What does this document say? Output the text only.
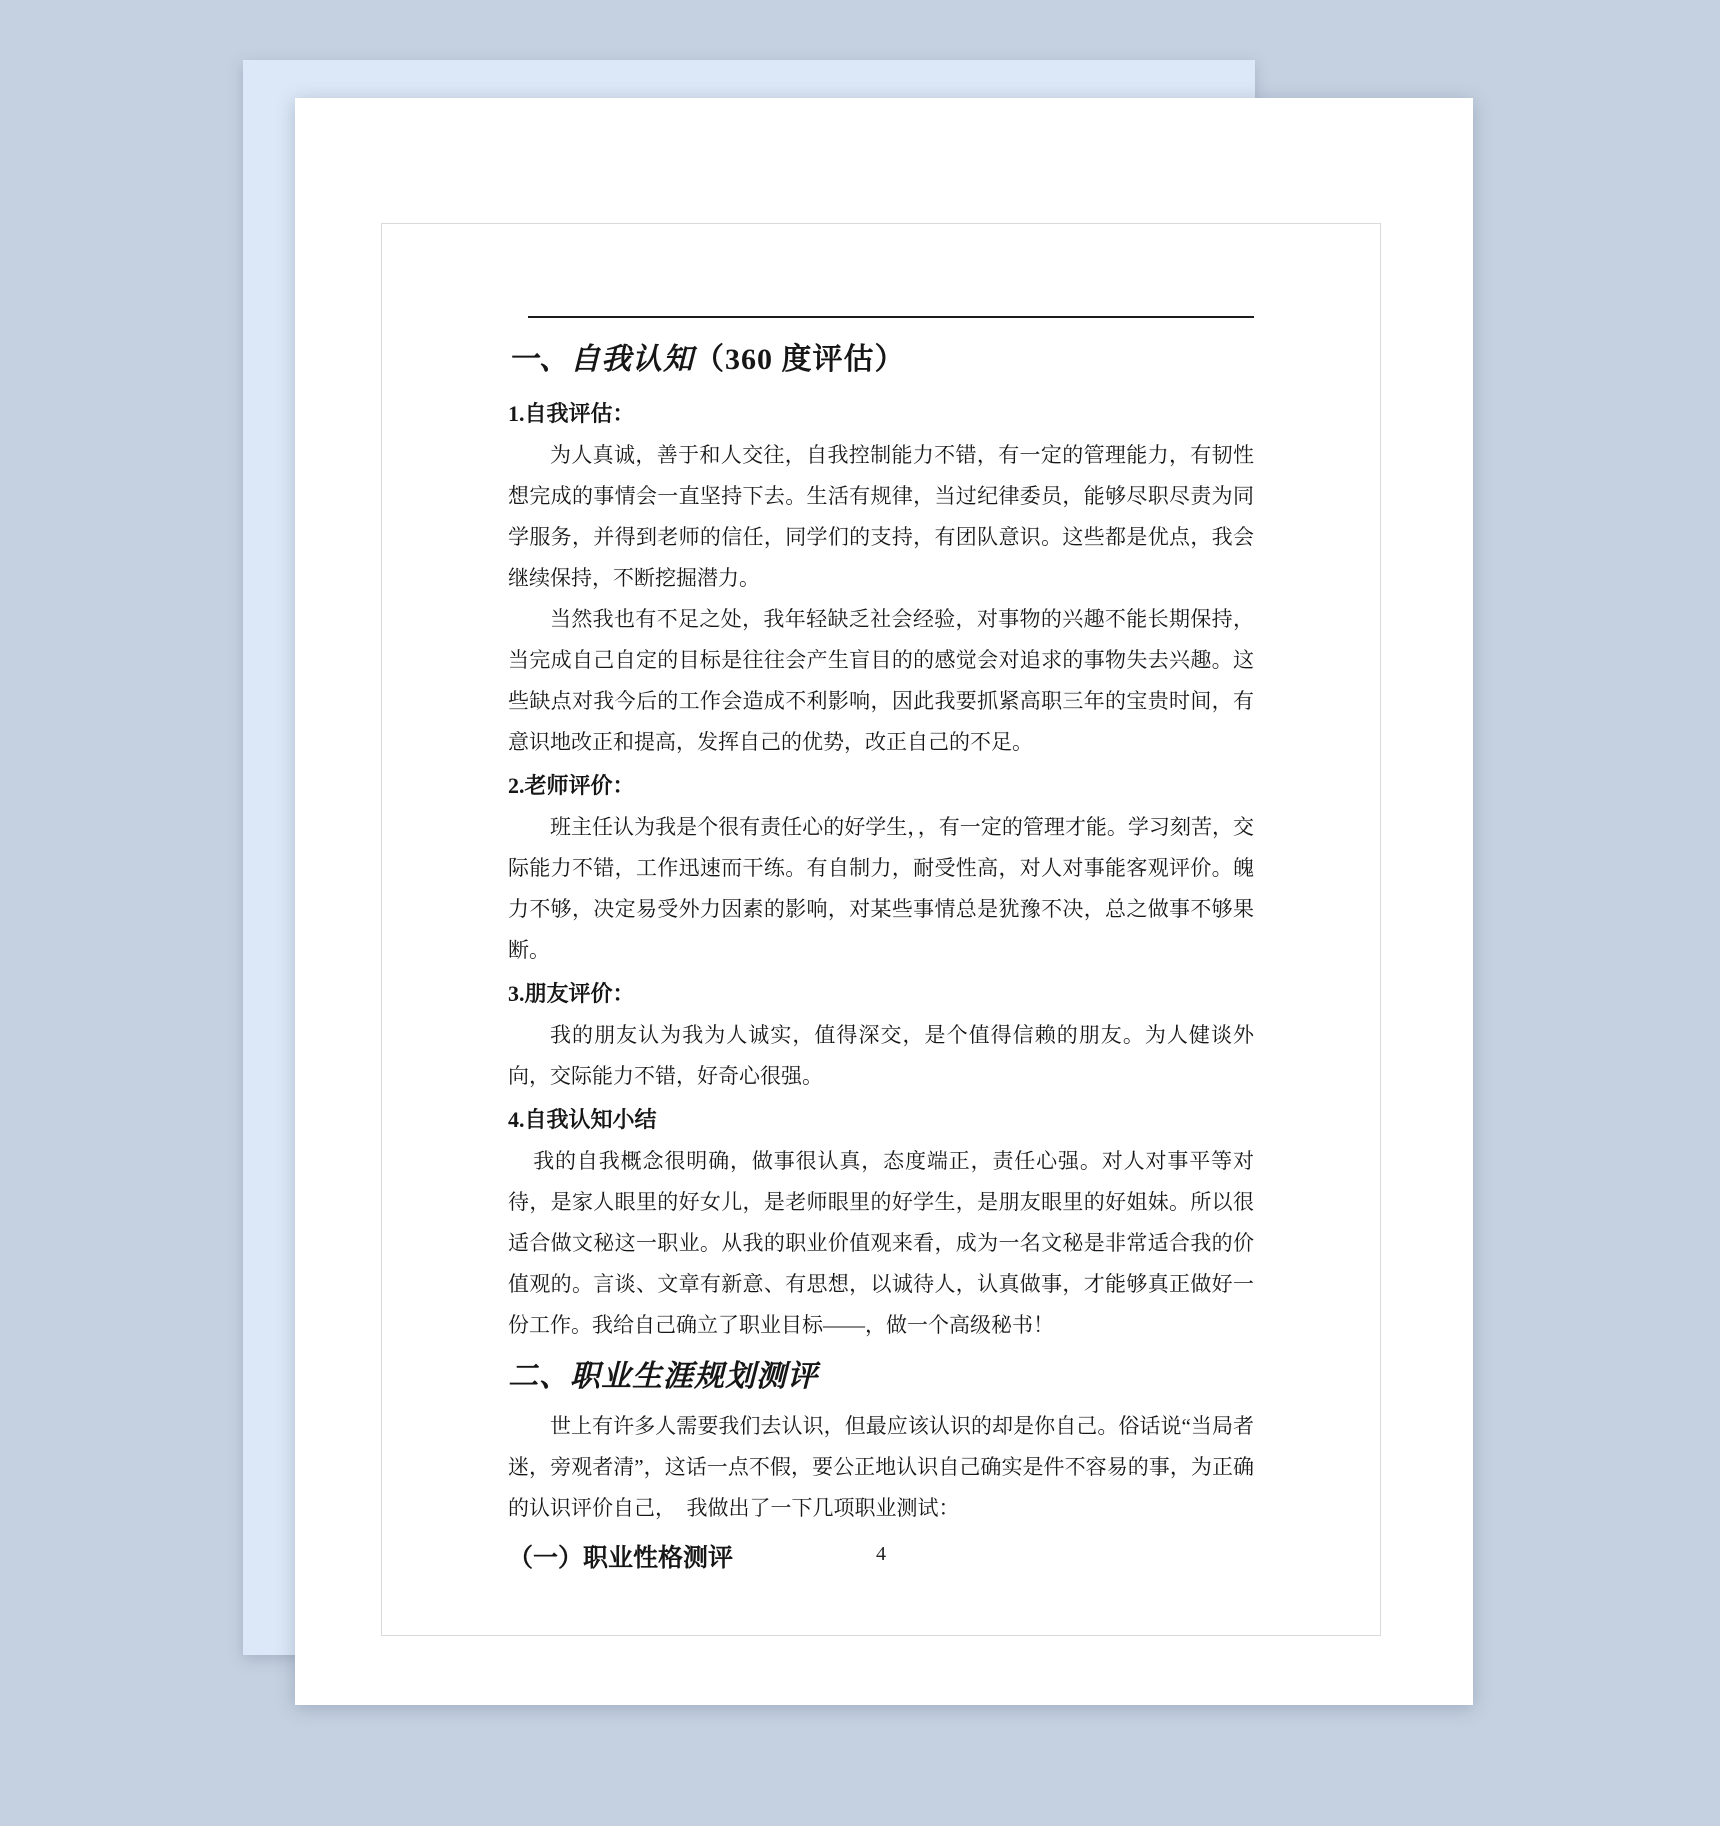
一、自我认知（360 度评估）
1.自我评估：

为人真诚，善于和人交往，自我控制能力不错，有一定的管理能力，有韧性想完成的事情会一直坚持下去。生活有规律，当过纪律委员，能够尽职尽责为同学服务，并得到老师的信任，同学们的支持，有团队意识。这些都是优点，我会继续保持，不断挖掘潜力。

当然我也有不足之处，我年轻缺乏社会经验，对事物的兴趣不能长期保持，当完成自己自定的目标是往往会产生盲目的的感觉会对追求的事物失去兴趣。这些缺点对我今后的工作会造成不利影响，因此我要抓紧高职三年的宝贵时间，有意识地改正和提高，发挥自己的优势，改正自己的不足。

2.老师评价：

班主任认为我是个很有责任心的好学生，，有一定的管理才能。学习刻苦，交际能力不错，工作迅速而干练。有自制力，耐受性高，对人对事能客观评价。魄力不够，决定易受外力因素的影响，对某些事情总是犹豫不决，总之做事不够果断。

3.朋友评价：

我的朋友认为我为人诚实，值得深交，是个值得信赖的朋友。为人健谈外向，交际能力不错，好奇心很强。

4.自我认知小结

我的自我概念很明确，做事很认真，态度端正，责任心强。对人对事平等对待，是家人眼里的好女儿，是老师眼里的好学生，是朋友眼里的好姐妹。所以很适合做文秘这一职业。从我的职业价值观来看，成为一名文秘是非常适合我的价值观的。言谈、文章有新意、有思想，以诚待人，认真做事，才能够真正做好一份工作。我给自己确立了职业目标——，做一个高级秘书！

二、职业生涯规划测评

世上有许多人需要我们去认识，但最应该认识的却是你自己。俗话说“当局者迷，旁观者清”，这话一点不假，要公正地认识自己确实是件不容易的事，为正确的认识评价自己，　我做出了一下几项职业测试：

（一）职业性格测评	4
